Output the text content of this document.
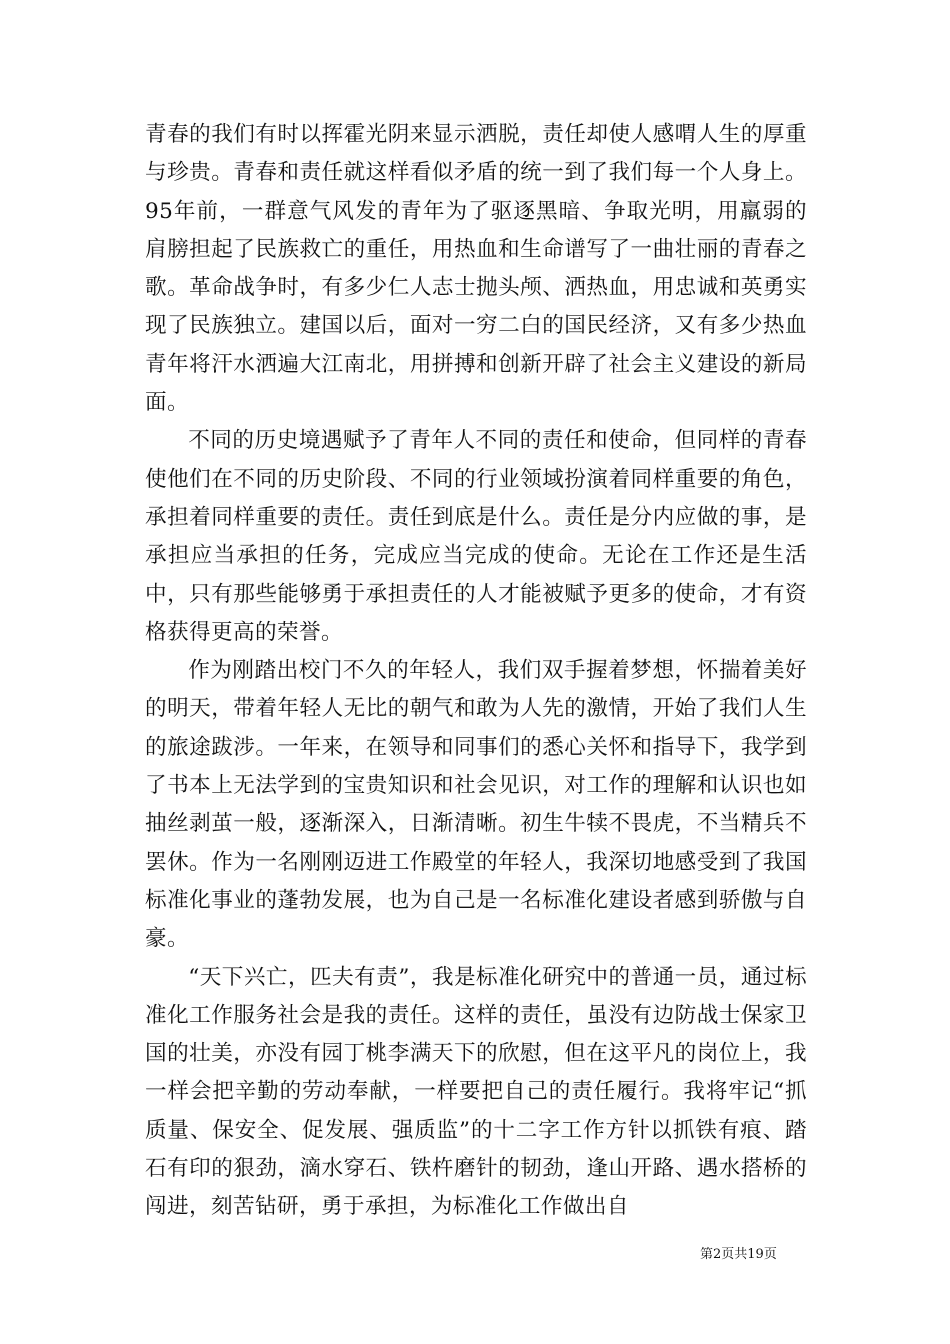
青春的我们有时以挥霍光阴来显示洒脱，责任却使人感喟人生的厚重与珍贵。青春和责任就这样看似矛盾的统一到了我们每一个人身上。95年前，一群意气风发的青年为了驱逐黑暗、争取光明，用羸弱的肩膀担起了民族救亡的重任，用热血和生命谱写了一曲壮丽的青春之歌。革命战争时，有多少仁人志士抛头颅、洒热血，用忠诚和英勇实现了民族独立。建国以后，面对一穷二白的国民经济，又有多少热血青年将汗水洒遍大江南北，用拼搏和创新开辟了社会主义建设的新局面。

不同的历史境遇赋予了青年人不同的责任和使命，但同样的青春使他们在不同的历史阶段、不同的行业领域扮演着同样重要的角色，承担着同样重要的责任。责任到底是什么。责任是分内应做的事，是承担应当承担的任务，完成应当完成的使命。无论在工作还是生活中，只有那些能够勇于承担责任的人才能被赋予更多的使命，才有资格获得更高的荣誉。

作为刚踏出校门不久的年轻人，我们双手握着梦想，怀揣着美好的明天，带着年轻人无比的朝气和敢为人先的激情，开始了我们人生的旅途跋涉。一年来，在领导和同事们的悉心关怀和指导下，我学到了书本上无法学到的宝贵知识和社会见识，对工作的理解和认识也如抽丝剥茧一般，逐渐深入，日渐清晰。初生牛犊不畏虎，不当精兵不罢休。作为一名刚刚迈进工作殿堂的年轻人，我深切地感受到了我国标准化事业的蓬勃发展，也为自己是一名标准化建设者感到骄傲与自豪。

“天下兴亡，匹夫有责”，我是标准化研究中的普通一员，通过标准化工作服务社会是我的责任。这样的责任，虽没有边防战士保家卫国的壮美，亦没有园丁桃李满天下的欣慰，但在这平凡的岗位上，我一样会把辛勤的劳动奉献，一样要把自己的责任履行。我将牢记“抓质量、保安全、促发展、强质监”的十二字工作方针以抓铁有痕、踏石有印的狠劲，滴水穿石、铁杵磨针的韧劲，逢山开路、遇水搭桥的闯进，刻苦钻研，勇于承担，为标准化工作做出自

第2页共19页
